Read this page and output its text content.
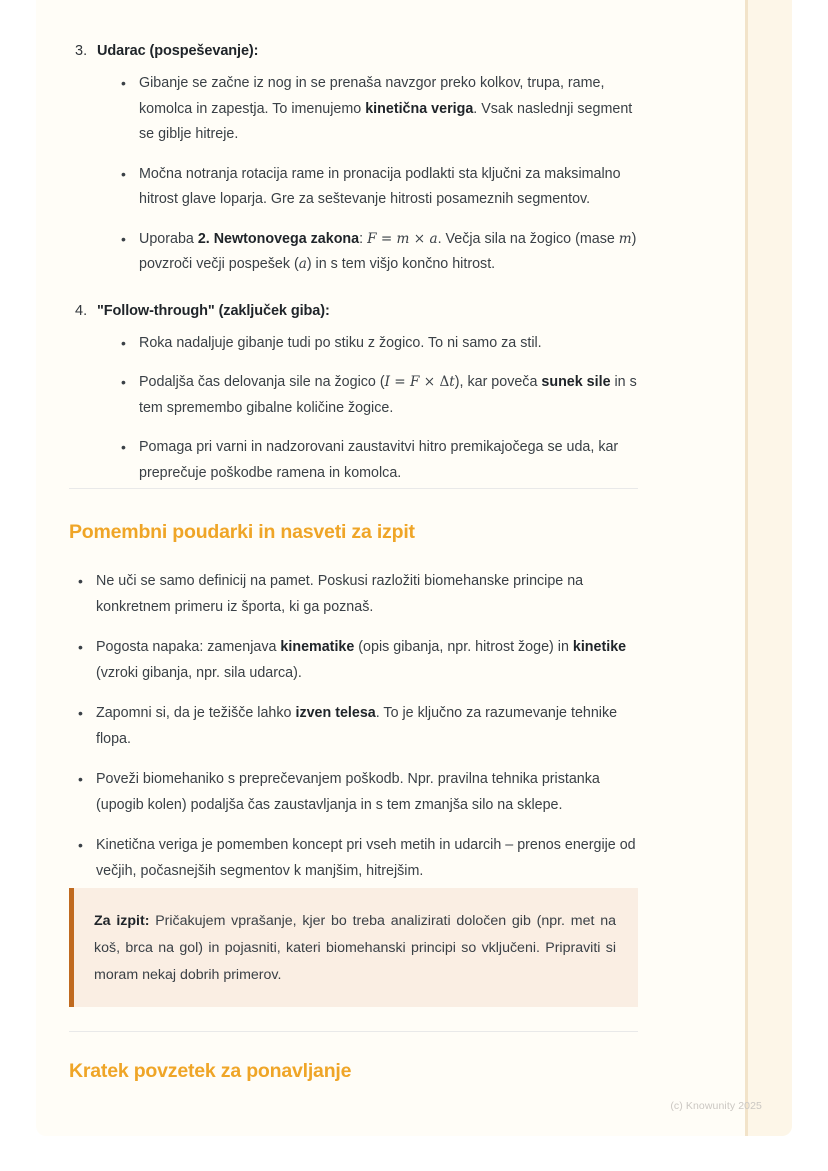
3. Udarac (pospeševanje):
• Gibanje se začne iz nog in se prenaša navzgor preko kolkov, trupa, rame, komolca in zapestja. To imenujemo kinetična veriga. Vsak naslednji segment se giblje hitreje.
• Močna notranja rotacija rame in pronacija podlakti sta ključni za maksimalno hitrost glave loparja. Gre za seštevanje hitrosti posameznih segmentov.
• Uporaba 2. Newtonovega zakona: F = m × a. Večja sila na žogico (mase m) povzroči večji pospešek (a) in s tem višjo končno hitrost.
4. "Follow-through" (zaključek giba):
• Roka nadaljuje gibanje tudi po stiku z žogico. To ni samo za stil.
• Podaljša čas delovanja sile na žogico (I = F × Δt), kar poveča sunek sile in s tem spremembo gibalne količine žogice.
• Pomaga pri varni in nadzorovani zaustavitvi hitro premikajočega se uda, kar preprečuje poškodbe ramena in komolca.
Pomembni poudarki in nasveti za izpit
• Ne uči se samo definicij na pamet. Poskusi razložiti biomehanske principe na konkretnem primeru iz športa, ki ga poznaš.
• Pogosta napaka: zamenjava kinematike (opis gibanja, npr. hitrost žoge) in kinetike (vzroki gibanja, npr. sila udarca).
• Zapomni si, da je težišče lahko izven telesa. To je ključno za razumevanje tehnike flopa.
• Poveži biomehaniko s preprečevanjem poškodb. Npr. pravilna tehnika pristanka (upogib kolen) podaljša čas zaustavljanja in s tem zmanjša silo na sklepe.
• Kinetična veriga je pomemben koncept pri vseh metih in udarcih – prenos energije od večjih, počasnejših segmentov k manjšim, hitrejšim.

Za izpit: Pričakujem vprašanje, kjer bo treba analizirati določen gib (npr. met na koš, brca na gol) in pojasniti, kateri biomehanski principi so vključeni. Pripraviti si moram nekaj dobrih primerov.

Kratek povzetek za ponavljanje
(c) Knowunity 2025
